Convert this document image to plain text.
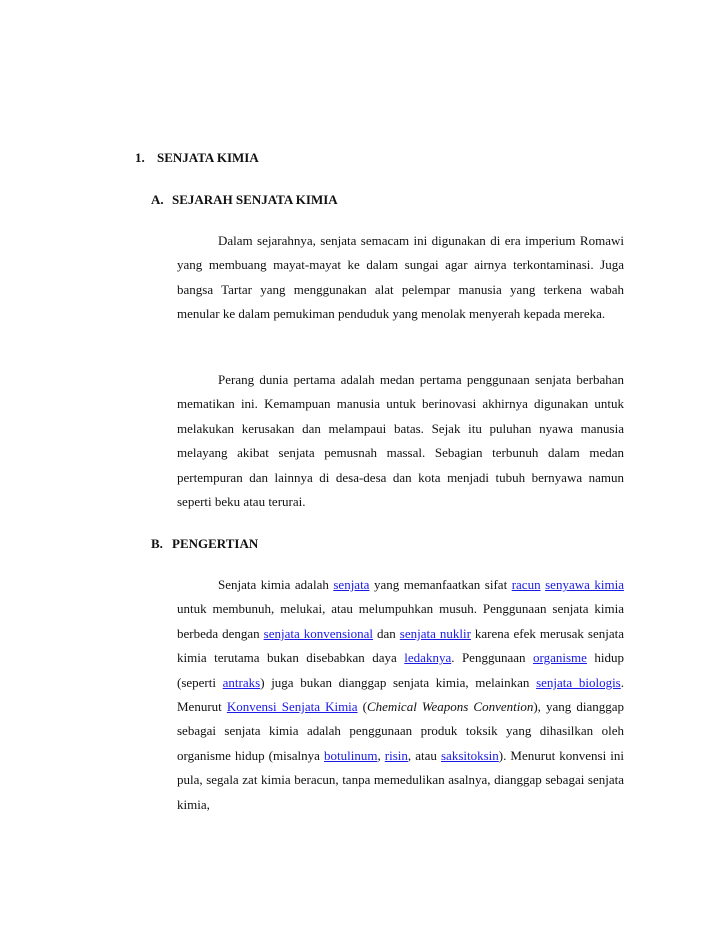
1. SENJATA KIMIA
A. SEJARAH SENJATA KIMIA

Dalam sejarahnya, senjata semacam ini digunakan di era imperium Romawi yang membuang mayat-mayat ke dalam sungai agar airnya terkontaminasi. Juga bangsa Tartar yang menggunakan alat pelempar manusia yang terkena wabah menular ke dalam pemukiman penduduk yang menolak menyerah kepada mereka.

Perang dunia pertama adalah medan pertama penggunaan senjata berbahan mematikan ini. Kemampuan manusia untuk berinovasi akhirnya digunakan untuk melakukan kerusakan dan melampaui batas. Sejak itu puluhan nyawa manusia melayang akibat senjata pemusnah massal. Sebagian terbunuh dalam medan pertempuran dan lainnya di desa-desa dan kota menjadi tubuh bernyawa namun seperti beku atau terurai.

B. PENGERTIAN

Senjata kimia adalah senjata yang memanfaatkan sifat racun senyawa kimia untuk membunuh, melukai, atau melumpuhkan musuh. Penggunaan senjata kimia berbeda dengan senjata konvensional dan senjata nuklir karena efek merusak senjata kimia terutama bukan disebabkan daya ledaknya. Penggunaan organisme hidup (seperti antraks) juga bukan dianggap senjata kimia, melainkan senjata biologis. Menurut Konvensi Senjata Kimia (Chemical Weapons Convention), yang dianggap sebagai senjata kimia adalah penggunaan produk toksik yang dihasilkan oleh organisme hidup (misalnya botulinum, risin, atau saksitoksin). Menurut konvensi ini pula, segala zat kimia beracun, tanpa memedulikan asalnya, dianggap sebagai senjata kimia,
